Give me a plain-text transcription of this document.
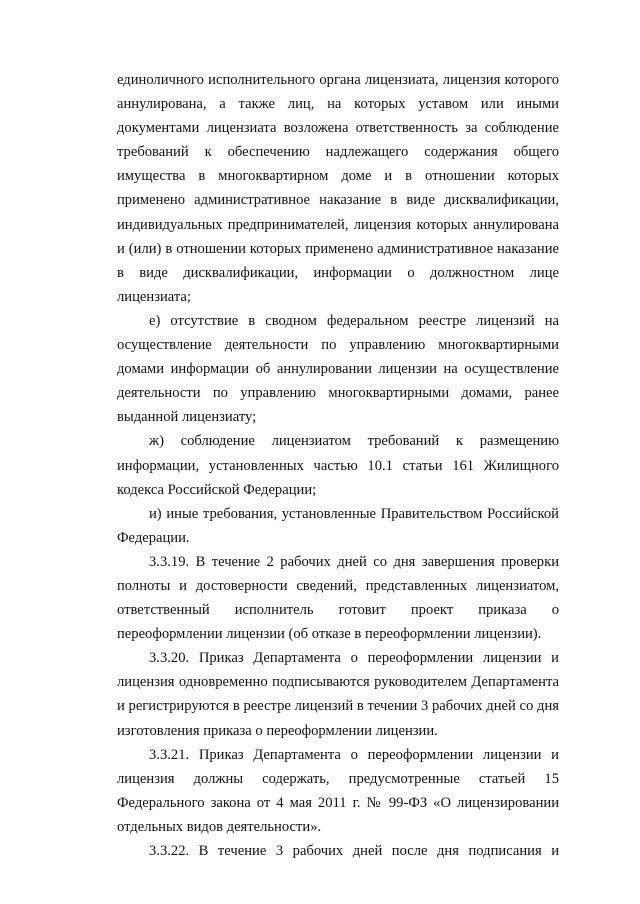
единоличного исполнительного органа лицензиата, лицензия которого аннулирована, а также лиц, на которых уставом или иными документами лицензиата возложена ответственность за соблюдение требований к обеспечению надлежащего содержания общего имущества в многоквартирном доме и в отношении которых применено административное наказание в виде дисквалификации, индивидуальных предпринимателей, лицензия которых аннулирована и (или) в отношении которых применено административное наказание в виде дисквалификации, информации о должностном лице лицензиата;

е) отсутствие в сводном федеральном реестре лицензий на осуществление деятельности по управлению многоквартирными домами информации об аннулировании лицензии на осуществление деятельности по управлению многоквартирными домами, ранее выданной лицензиату;

ж) соблюдение лицензиатом требований к размещению информации, установленных частью 10.1 статьи 161 Жилищного кодекса Российской Федерации;

и) иные требования, установленные Правительством Российской Федерации.

3.3.19. В течение 2 рабочих дней со дня завершения проверки полноты и достоверности сведений, представленных лицензиатом, ответственный исполнитель готовит проект приказа о переоформлении лицензии (об отказе в переоформлении лицензии).

3.3.20. Приказ Департамента о переоформлении лицензии и лицензия одновременно подписываются руководителем Департамента и регистрируются в реестре лицензий в течении 3 рабочих дней со дня изготовления приказа о переоформлении лицензии.

3.3.21. Приказ Департамента о переоформлении лицензии и лицензия должны содержать, предусмотренные статьей 15 Федерального закона от 4 мая 2011 г. № 99-ФЗ «О лицензировании отдельных видов деятельности».

3.3.22. В течение 3 рабочих дней после дня подписания и
